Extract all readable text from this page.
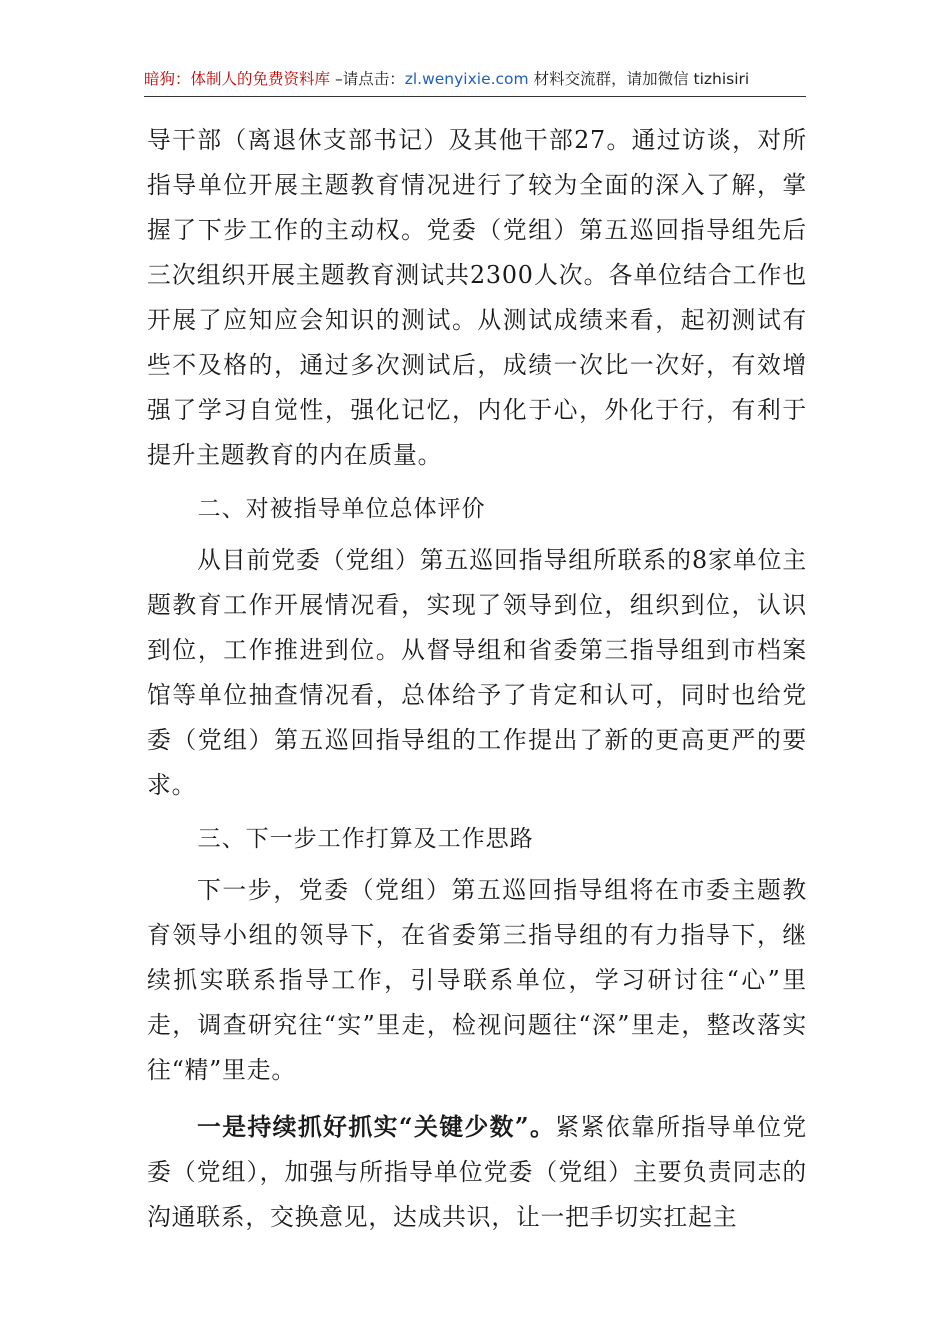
暗狗：体制人的免费资料库 –请点击：zl.wenyixie.com 材料交流群，请加微信 tizhisiri

导干部（离退休支部书记）及其他干部27。通过访谈，对所指导单位开展主题教育情况进行了较为全面的深入了解，掌握了下步工作的主动权。党委（党组）第五巡回指导组先后三次组织开展主题教育测试共2300人次。各单位结合工作也开展了应知应会知识的测试。从测试成绩来看，起初测试有些不及格的，通过多次测试后，成绩一次比一次好，有效增强了学习自觉性，强化记忆，内化于心，外化于行，有利于提升主题教育的内在质量。

二、对被指导单位总体评价

从目前党委（党组）第五巡回指导组所联系的8家单位主题教育工作开展情况看，实现了领导到位，组织到位，认识到位，工作推进到位。从督导组和省委第三指导组到市档案馆等单位抽查情况看，总体给予了肯定和认可，同时也给党委（党组）第五巡回指导组的工作提出了新的更高更严的要求。

三、下一步工作打算及工作思路

下一步，党委（党组）第五巡回指导组将在市委主题教育领导小组的领导下，在省委第三指导组的有力指导下，继续抓实联系指导工作，引导联系单位，学习研讨往“心”里走，调查研究往“实”里走，检视问题往“深”里走，整改落实往“精”里走。

一是持续抓好抓实“关键少数”。紧紧依靠所指导单位党委（党组），加强与所指导单位党委（党组）主要负责同志的沟通联系，交换意见，达成共识，让一把手切实扛起主
